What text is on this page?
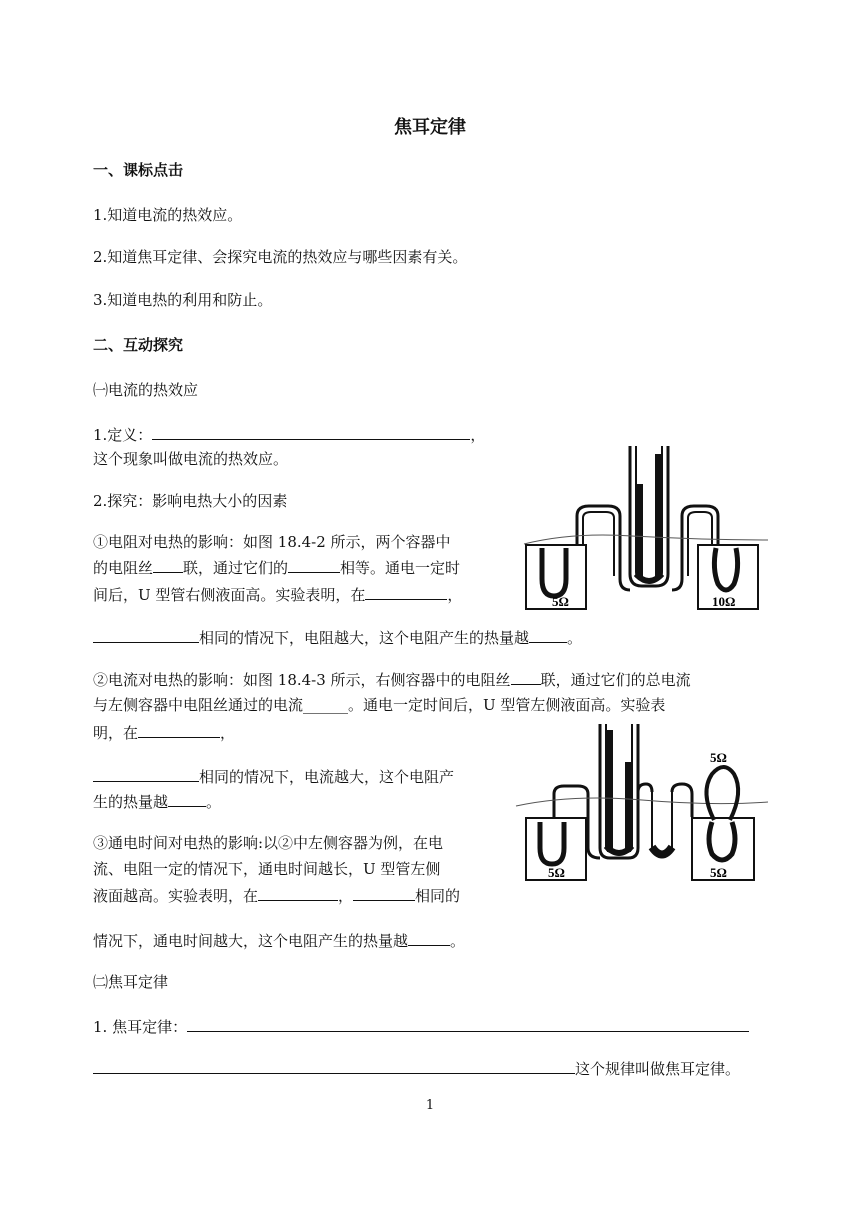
焦耳定律
一、课标点击
1.知道电流的热效应。
2.知道焦耳定律、会探究电流的热效应与哪些因素有关。
3.知道电热的利用和防止。
二、互动探究
㈠电流的热效应
1.定义：	，
这个现象叫做电流的热效应。
2.探究：影响电热大小的因素
①电阻对电热的影响：如图 18.4-2 所示，两个容器中
的电阻丝 联，通过它们的	相等。通电一定时
间后，U 型管右侧液面高。实验表明，在	，
相同的情况下，电阻越大，这个电阻产生的热量越	。
②电流对电热的影响：如图 18.4-3 所示，右侧容器中的电阻丝 联，通过它们的总电流
与左侧容器中电阻丝通过的电流______。通电一定时间后，U 型管左侧液面高。实验表
明，在	，
相同的情况下，电流越大，这个电阻产
生的热量越	。
③通电时间对电热的影响:以②中左侧容器为例，在电
流、电阻一定的情况下，通电时间越长，U 型管左侧
液面越高。实验表明，在	，	相同的
情况下，通电时间越大，这个电阻产生的热量越	。
㈡焦耳定律
1. 焦耳定律：
这个规律叫做焦耳定律。
5Ω	10Ω
5Ω
5Ω
5Ω
1
